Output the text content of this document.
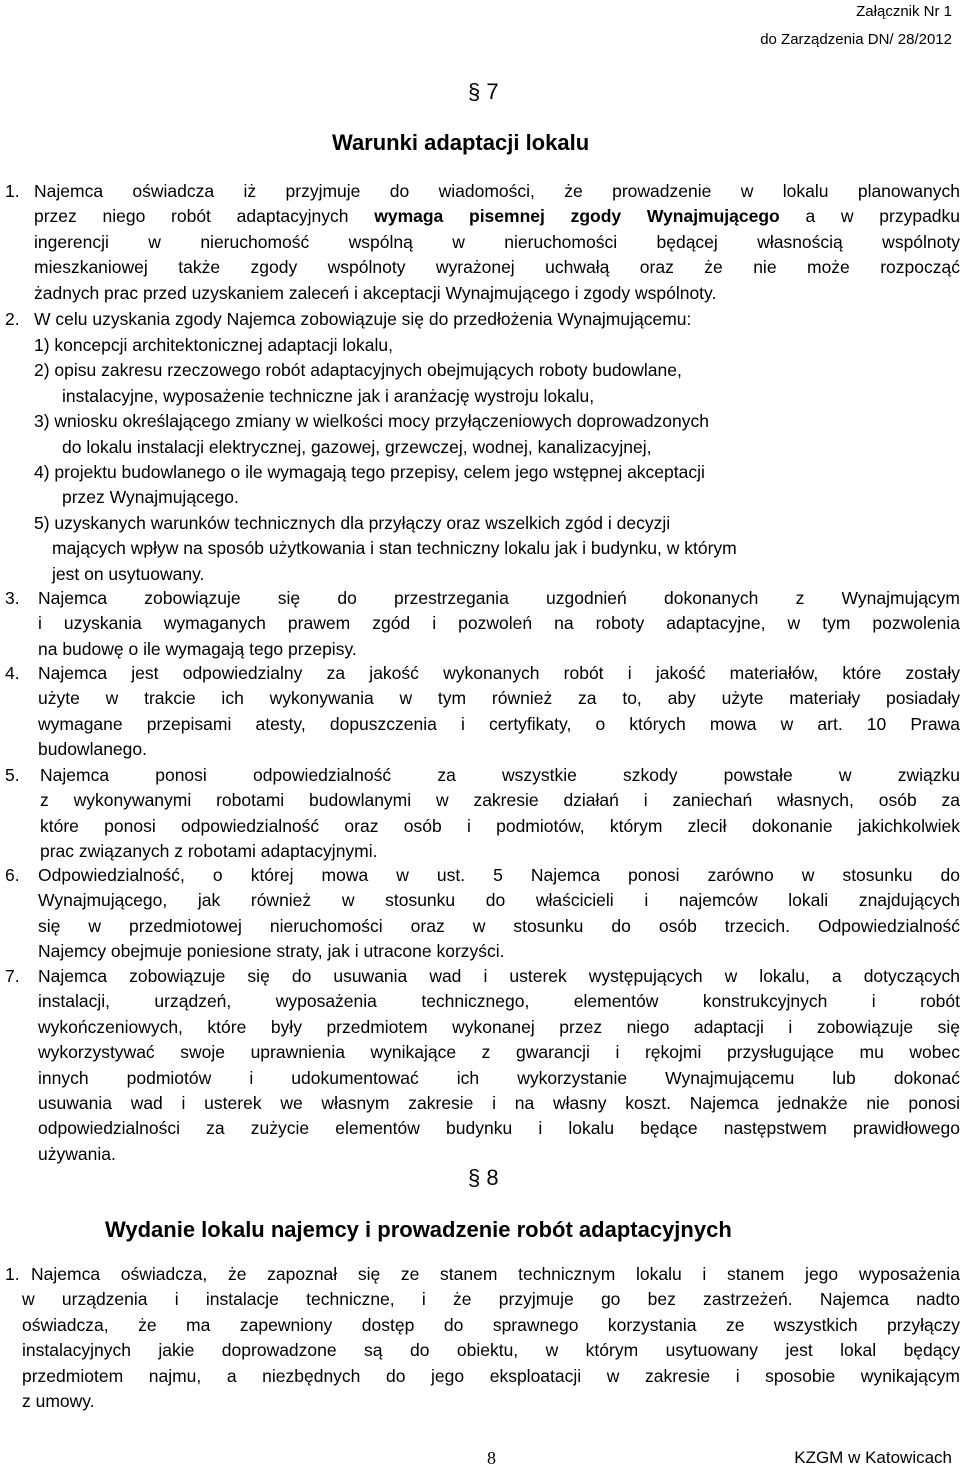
Załącznik Nr 1
do Zarządzenia DN/ 28/2012
§ 7
Warunki adaptacji lokalu
1. Najemca oświadcza iż przyjmuje do wiadomości, że prowadzenie w lokalu planowanych
przez niego robót adaptacyjnych wymaga pisemnej zgody Wynajmującego a w przypadku
ingerencji w nieruchomość wspólną w nieruchomości będącej własnością wspólnoty
mieszkaniowej także zgody wspólnoty wyrażonej uchwałą oraz że nie może rozpocząć
żadnych prac przed uzyskaniem zaleceń i akceptacji Wynajmującego i zgody wspólnoty.
2. W celu uzyskania zgody Najemca zobowiązuje się do przedłożenia Wynajmującemu:
1) koncepcji architektonicznej adaptacji lokalu,
2) opisu zakresu rzeczowego robót adaptacyjnych obejmujących roboty budowlane,
instalacyjne, wyposażenie techniczne jak i aranżację wystroju lokalu,
3) wniosku określającego zmiany w wielkości mocy przyłączeniowych doprowadzonych
do lokalu instalacji elektrycznej, gazowej, grzewczej, wodnej, kanalizacyjnej,
4) projektu budowlanego o ile wymagają tego przepisy, celem jego wstępnej akceptacji
przez Wynajmującego.
5) uzyskanych warunków technicznych dla przyłączy oraz wszelkich zgód i decyzji
mających wpływ na sposób użytkowania i stan techniczny lokalu jak i budynku, w którym
jest on usytuowany.
3. Najemca zobowiązuje się do przestrzegania uzgodnień dokonanych z Wynajmującym
i uzyskania wymaganych prawem zgód i pozwoleń na roboty adaptacyjne, w tym pozwolenia
na budowę o ile wymagają tego przepisy.
4. Najemca jest odpowiedzialny za jakość wykonanych robót i jakość materiałów, które zostały
użyte w trakcie ich wykonywania w tym również za to, aby użyte materiały posiadały
wymagane przepisami atesty, dopuszczenia i certyfikaty, o których mowa w art. 10 Prawa
budowlanego.
5. Najemca ponosi odpowiedzialność za wszystkie szkody powstałe w związku
z wykonywanymi robotami budowlanymi w zakresie działań i zaniechań własnych, osób za
które ponosi odpowiedzialność oraz osób i podmiotów, którym zlecił dokonanie jakichkolwiek
prac związanych z robotami adaptacyjnymi.
6. Odpowiedzialność, o której mowa w ust. 5 Najemca ponosi zarówno w stosunku do
Wynajmującego, jak również w stosunku do właścicieli i najemców lokali znajdujących
się w przedmiotowej nieruchomości oraz w stosunku do osób trzecich. Odpowiedzialność
Najemcy obejmuje poniesione straty, jak i utracone korzyści.
7. Najemca zobowiązuje się do usuwania wad i usterek występujących w lokalu, a dotyczących
instalacji, urządzeń, wyposażenia technicznego, elementów konstrukcyjnych i robót
wykończeniowych, które były przedmiotem wykonanej przez niego adaptacji i zobowiązuje się
wykorzystywać swoje uprawnienia wynikające z gwarancji i rękojmi przysługujące mu wobec
innych podmiotów i udokumentować ich wykorzystanie Wynajmującemu lub dokonać
usuwania wad i usterek we własnym zakresie i na własny koszt. Najemca jednakże nie ponosi
odpowiedzialności za zużycie elementów budynku i lokalu będące następstwem prawidłowego
używania.
§ 8
Wydanie lokalu najemcy i prowadzenie robót adaptacyjnych
1. Najemca oświadcza, że zapoznał się ze stanem technicznym lokalu i stanem jego wyposażenia
w urządzenia i instalacje techniczne, i że przyjmuje go bez zastrzeżeń. Najemca nadto
oświadcza, że ma zapewniony dostęp do sprawnego korzystania ze wszystkich przyłączy
instalacyjnych jakie doprowadzone są do obiektu, w którym usytuowany jest lokal będący
przedmiotem najmu, a niezbędnych do jego eksploatacji w zakresie i sposobie wynikającym
z umowy.
8	KZGM w Katowicach
